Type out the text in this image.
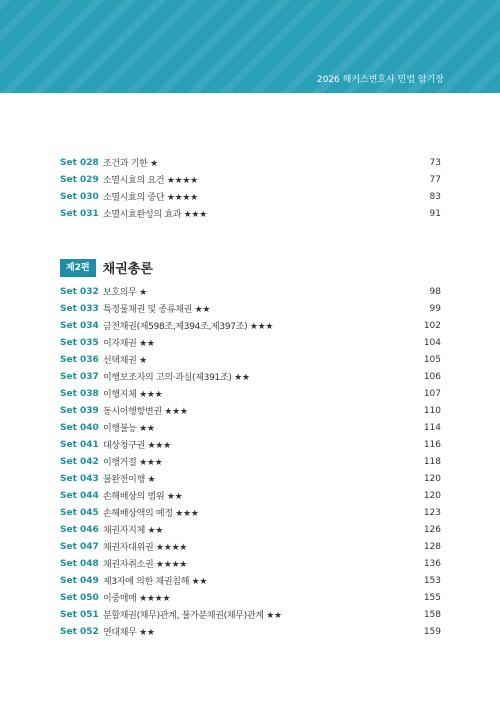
2026 해커스변호사 민법 암기장
Set 028 조건과 기한 ★	73
Set 029 소멸시효의 요건 ★★★★	77
Set 030 소멸시효의 중단 ★★★★	83
Set 031 소멸시효완성의 효과 ★★★	91
제2편	채권총론
Set 032 보호의무 ★	98
Set 033 특정물채권 및 종류채권 ★★	99
Set 034 금전채권(제598조,제394조,제397조) ★★★	102
Set 035 이자채권 ★★	104
Set 036 선택채권 ★	105
Set 037 이행보조자의 고의·과실(제391조) ★★	106
Set 038 이행지체 ★★★	107
Set 039 동시이행항변권 ★★★	110
Set 040 이행불능 ★★	114
Set 041 대상청구권 ★★★	116
Set 042 이행거절 ★★★	118
Set 043 불완전이행 ★	120
Set 044 손해배상의 범위 ★★	120
Set 045 손해배상액의 예정 ★★★	123
Set 046 채권자지체 ★★	126
Set 047 채권자대위권 ★★★★	128
Set 048 채권자취소권 ★★★★	136
Set 049 제3자에 의한 채권침해 ★★	153
Set 050 이중매매 ★★★★	155
Set 051 분할채권(채무)관계, 불가분채권(채무)관계 ★★	158
Set 052 연대채무 ★★	159
